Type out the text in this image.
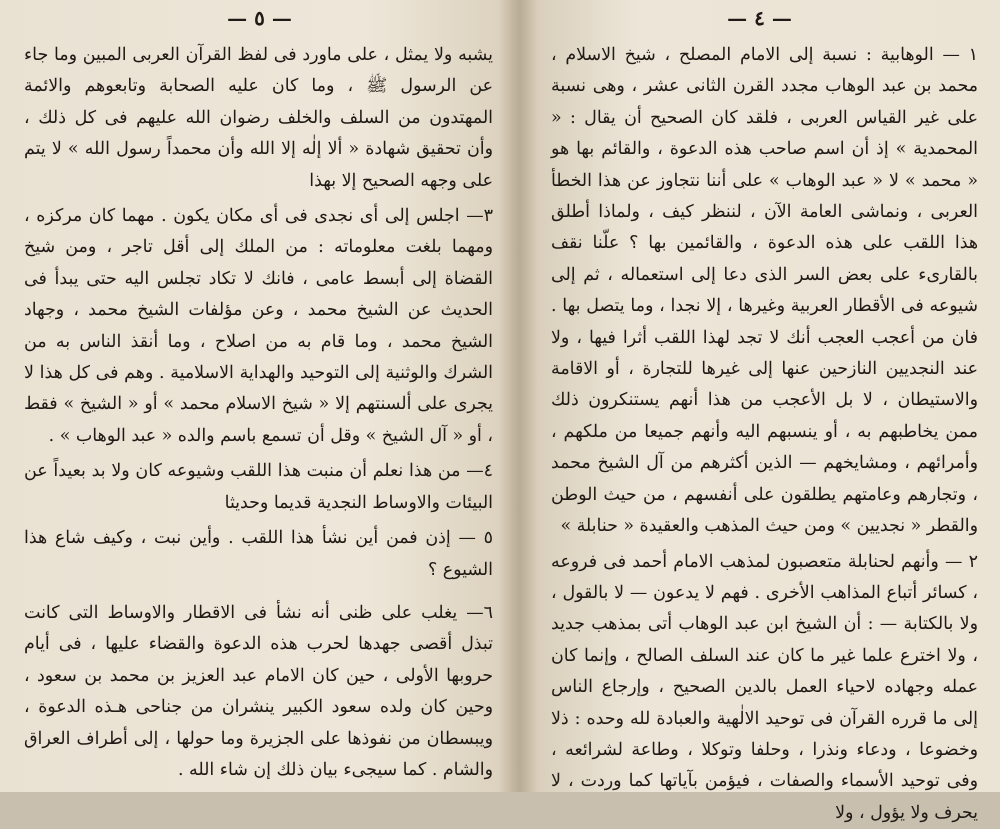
— ٥ —

يشبه ولا يمثل ، على ماورد فى لفظ القرآن العربى المبين وما جاء عن الرسول ﷺ ، وما كان عليه الصحابة وتابعوهم والائمة المهتدون من السلف والخلف رضوان الله عليهم فى كل ذلك ، وأن تحقيق شهادة « ألا إلٰه إلا الله وأن محمداً رسول الله » لا يتم على وجهه الصحيح إلا بهذا

٣— اجلس إلى أى نجدى فى أى مكان يكون . مهما كان مركزه ، ومهما بلغت معلوماته : من الملك إلى أقل تاجر ، ومن شيخ القضاة إلى أبسط عامى ، فانك لا تكاد تجلس اليه حتى يبدأ فى الحديث عن الشيخ محمد ، وعن مؤلفات الشيخ محمد ، وجهاد الشيخ محمد ، وما قام به من اصلاح ، وما أنقذ الناس به من الشرك والوثنية إلى التوحيد والهداية الاسلامية . وهم فى كل هذا لا يجرى على ألسنتهم إلا « شيخ الاسلام محمد » أو « الشيخ » فقط ، أو « آل الشيخ » وقل أن تسمع باسم والده « عبد الوهاب » .

٤— من هذا نعلم أن منبت هذا اللقب وشيوعه كان ولا بد بعيداً عن البيئات والاوساط النجدية قديما وحديثا

٥ — إذن فمن أين نشأ هذا اللقب . وأين نبت ، وكيف شاع هذا الشيوع ؟

٦— يغلب على ظنى أنه نشأ فى الاقطار والاوساط التى كانت تبذل أقصى جهدها لحرب هذه الدعوة والقضاء عليها ، فى أيام حروبها الأولى ، حين كان الامام عبد العزيز بن محمد بن سعود ، وحين كان ولده سعود الكبير ينشران من جناحى هـذه الدعوة ، ويبسطان من نفوذها على الجزيرة وما حولها ، إلى أطراف العراق والشام . كما سيجىء بيان ذلك إن شاء الله .

— ٤ —

١ — الوهابية : نسبة إلى الامام المصلح ، شيخ الاسلام ، محمد بن عبد الوهاب مجدد القرن الثانى عشر ، وهى نسبة على غير القياس العربى ، فلقد كان الصحيح أن يقال : « المحمدية » إذ أن اسم صاحب هذه الدعوة ، والقائم بها هو « محمد » لا « عبد الوهاب » على أننا نتجاوز عن هذا الخطأ العربى ، ونماشى العامة الآن ، لننظر كيف ، ولماذا أطلق هذا اللقب على هذه الدعوة ، والقائمين بها ؟ علّنا نقف بالقارىء على بعض السر الذى دعا إلى استعماله ، ثم إلى شيوعه فى الأقطار العربية وغيرها ، إلا نجدا ، وما يتصل بها . فان من أعجب العجب أنك لا تجد لهذا اللقب أثرا فيها ، ولا عند النجديين النازحين عنها إلى غيرها للتجارة ، أو الاقامة والاستيطان ، لا بل الأعجب من هذا أنهم يستنكرون ذلك ممن يخاطبهم به ، أو ينسبهم اليه وأنهم جميعا من ملكهم ، وأمرائهم ، ومشايخهم — الذين أكثرهم من آل الشيخ محمد ، وتجارهم وعامتهم يطلقون على أنفسهم ، من حيث الوطن والقطر « نجديين » ومن حيث المذهب والعقيدة « حنابلة »

٢ — وأنهم لحنابلة متعصبون لمذهب الامام أحمد فى فروعه ، كسائر أتباع المذاهب الأخرى . فهم لا يدعون — لا بالقول ، ولا بالكتابة — : أن الشيخ ابن عبد الوهاب أتى بمذهب جديد ، ولا اخترع علما غير ما كان عند السلف الصالح ، وإنما كان عمله وجهاده لاحياء العمل بالدين الصحيح ، وإرجاع الناس إلى ما قرره القرآن فى توحيد الالٰهية والعبادة لله وحده : ذلا وخضوعا ، ودعاء ونذرا ، وحلفا وتوكلا ، وطاعة لشرائعه ، وفى توحيد الأسماء والصفات ، فيؤمن بآياتها كما وردت ، لا يحرف ولا يؤول ، ولا
